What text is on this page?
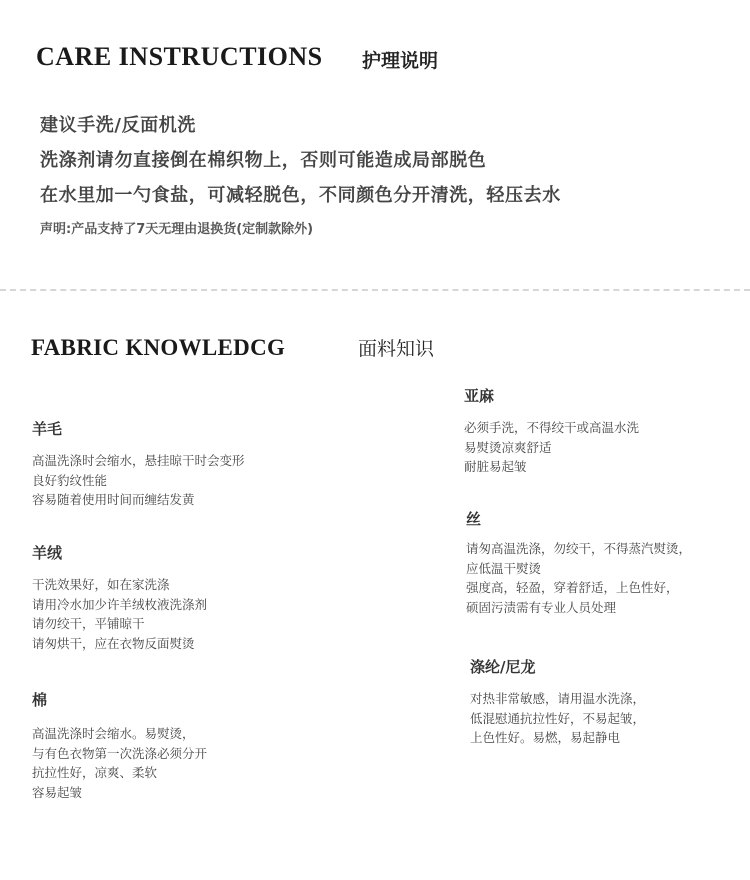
CARE INSTRUCTIONS 护理说明
建议手洗/反面机洗
洗涤剂请勿直接倒在棉织物上，否则可能造成局部脱色
在水里加一勺食盐，可减轻脱色，不同颜色分开清洗，轻压去水
声明:产品支持了7天无理由退换货(定制款除外)
FABRIC KNOWLEDCG	面料知识
羊毛
高温洗涤时会缩水，悬挂晾干时会变形
良好豹纹性能
容易随着使用时间而缠结发黄
羊绒
干洗效果好，如在家洗涤
请用冷水加少许羊绒枚液洗涤剂
请勿绞干，平铺晾干
请匆烘干，应在衣物反面熨烫
棉
高温洗涤时会缩水。易熨烫，
与有色衣物第一次洗涤必须分开
抗拉性好，凉爽、柔软
容易起皱
亚麻
必须手洗，不得绞干或高温水洗
易熨烫凉爽舒适
耐脏易起皱
丝
请匆高温洗涤，勿绞干，不得蒸汽熨烫，
应低温干熨烫
强度高，轻盈，穿着舒适，上色性好，
硕固污渍需有专业人员处理
涤纶/尼龙
对热非常敏感，请用温水洗涤，
低混慰通抗拉性好，不易起皱，
上色性好。易燃，易起静电
